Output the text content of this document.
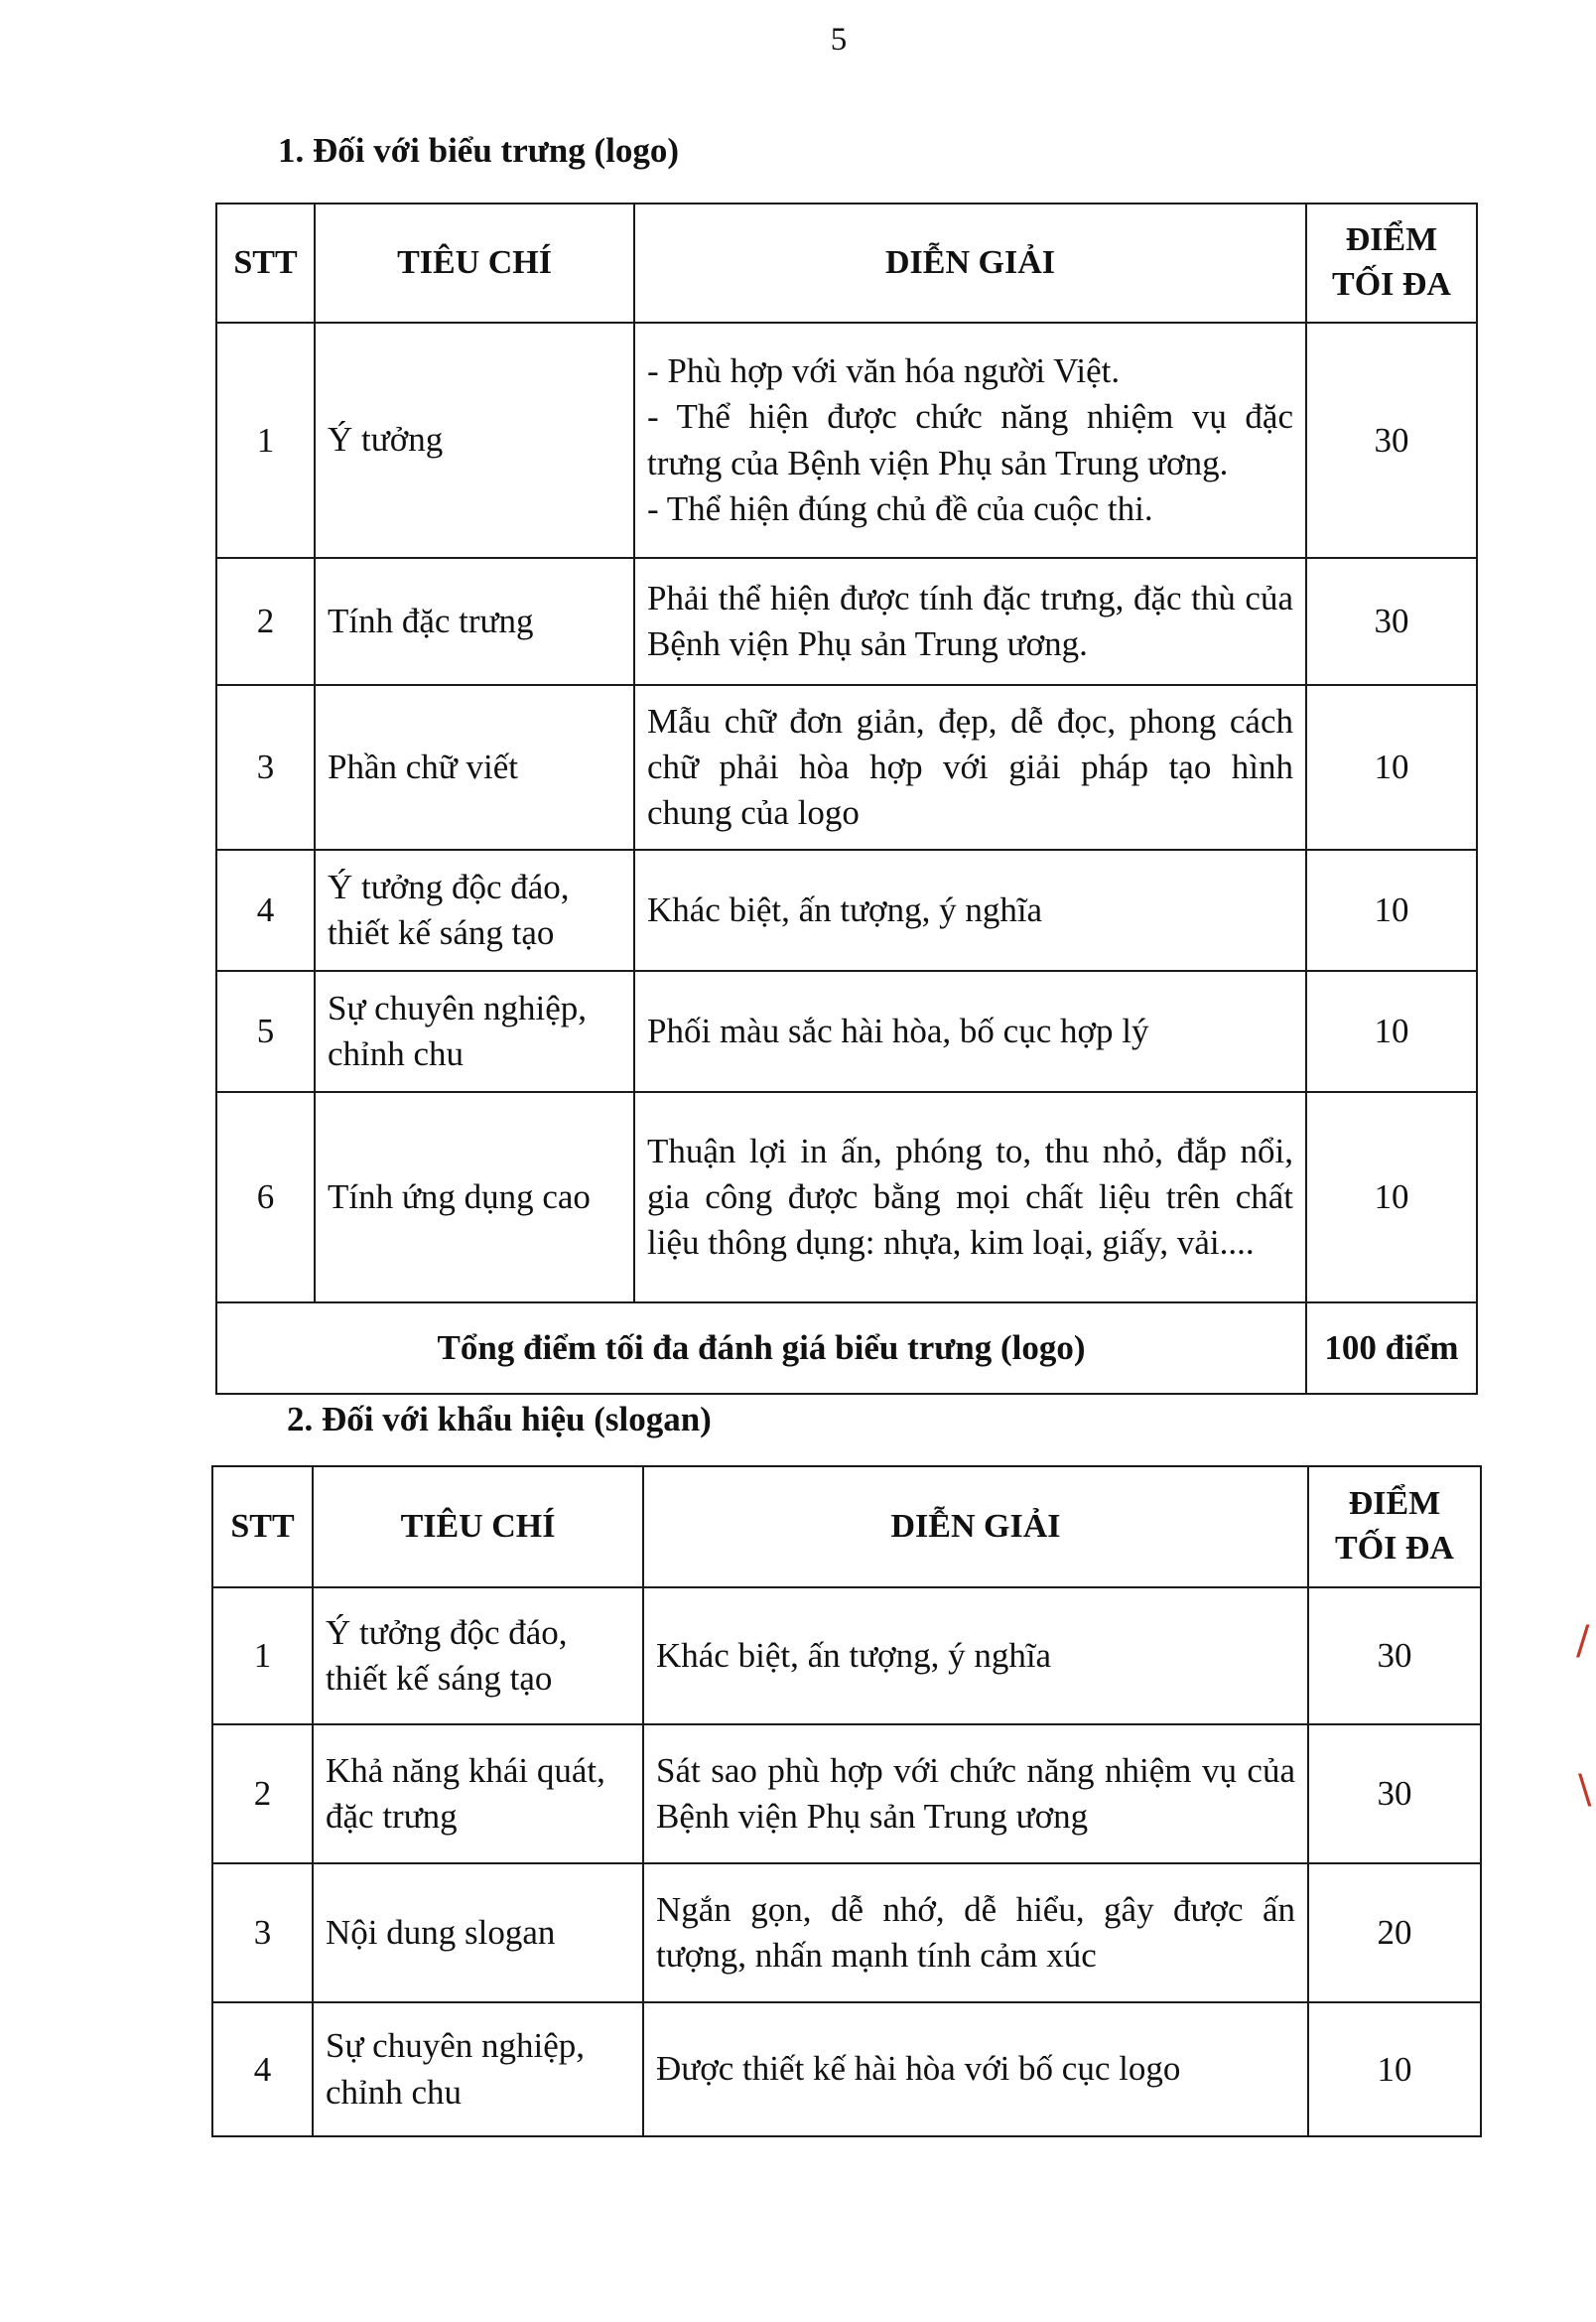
5
1. Đối với biểu trưng (logo)
STT	TIÊU CHÍ	DIỄN GIẢI	ĐIỂM
TỐI ĐA

1	Ý tưởng	- Phù hợp với văn hóa người Việt.
- Thể hiện được chức năng nhiệm vụ đặc trưng của Bệnh viện Phụ sản Trung ương.
- Thể hiện đúng chủ đề của cuộc thi.	30
2	Tính đặc trưng	Phải thể hiện được tính đặc trưng, đặc thù của Bệnh viện Phụ sản Trung ương.	30
3	Phần chữ viết	Mẫu chữ đơn giản, đẹp, dễ đọc, phong cách chữ phải hòa hợp với giải pháp tạo hình chung của logo	10
4	Ý tưởng độc đáo, thiết kế sáng tạo	Khác biệt, ấn tượng, ý nghĩa	10
5	Sự chuyên nghiệp, chỉnh chu	Phối màu sắc hài hòa, bố cục hợp lý	10
6	Tính ứng dụng cao	Thuận lợi in ấn, phóng to, thu nhỏ, đắp nổi, gia công được bằng mọi chất liệu trên chất liệu thông dụng: nhựa, kim loại, giấy, vải....	10
Tổng điểm tối đa đánh giá biểu trưng (logo)			100 điểm
2. Đối với khẩu hiệu (slogan)
STT	TIÊU CHÍ	DIỄN GIẢI	ĐIỂM
TỐI ĐA

1	Ý tưởng độc đáo, thiết kế sáng tạo	Khác biệt, ấn tượng, ý nghĩa	30
2	Khả năng khái quát, đặc trưng	Sát sao phù hợp với chức năng nhiệm vụ của Bệnh viện Phụ sản Trung ương	30
3	Nội dung slogan	Ngắn gọn, dễ nhớ, dễ hiểu, gây được ấn tượng, nhấn mạnh tính cảm xúc	20
4	Sự chuyên nghiệp, chỉnh chu	Được thiết kế hài hòa với bố cục logo	10
/
\
